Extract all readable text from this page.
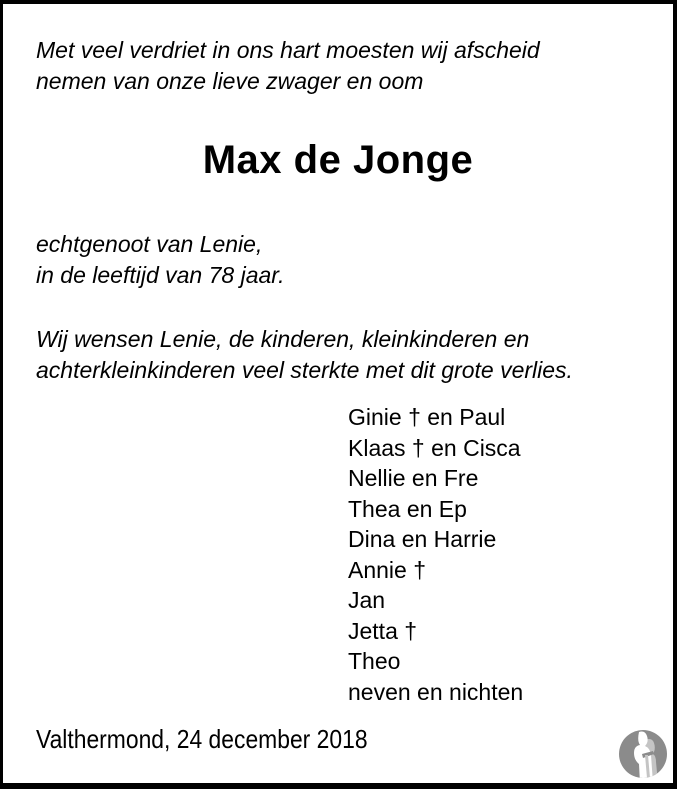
Met veel verdriet in ons hart moesten wij afscheid
nemen van onze lieve zwager en oom
Max de Jonge
echtgenoot van Lenie,
in de leeftijd van 78 jaar.
Wij wensen Lenie, de kinderen, kleinkinderen en
achterkleinkinderen veel sterkte met dit grote verlies.
Ginie † en Paul
Klaas † en Cisca
Nellie en Fre
Thea en Ep
Dina en Harrie
Annie †
Jan
Jetta †
Theo
neven en nichten
Valthermond, 24 december 2018
